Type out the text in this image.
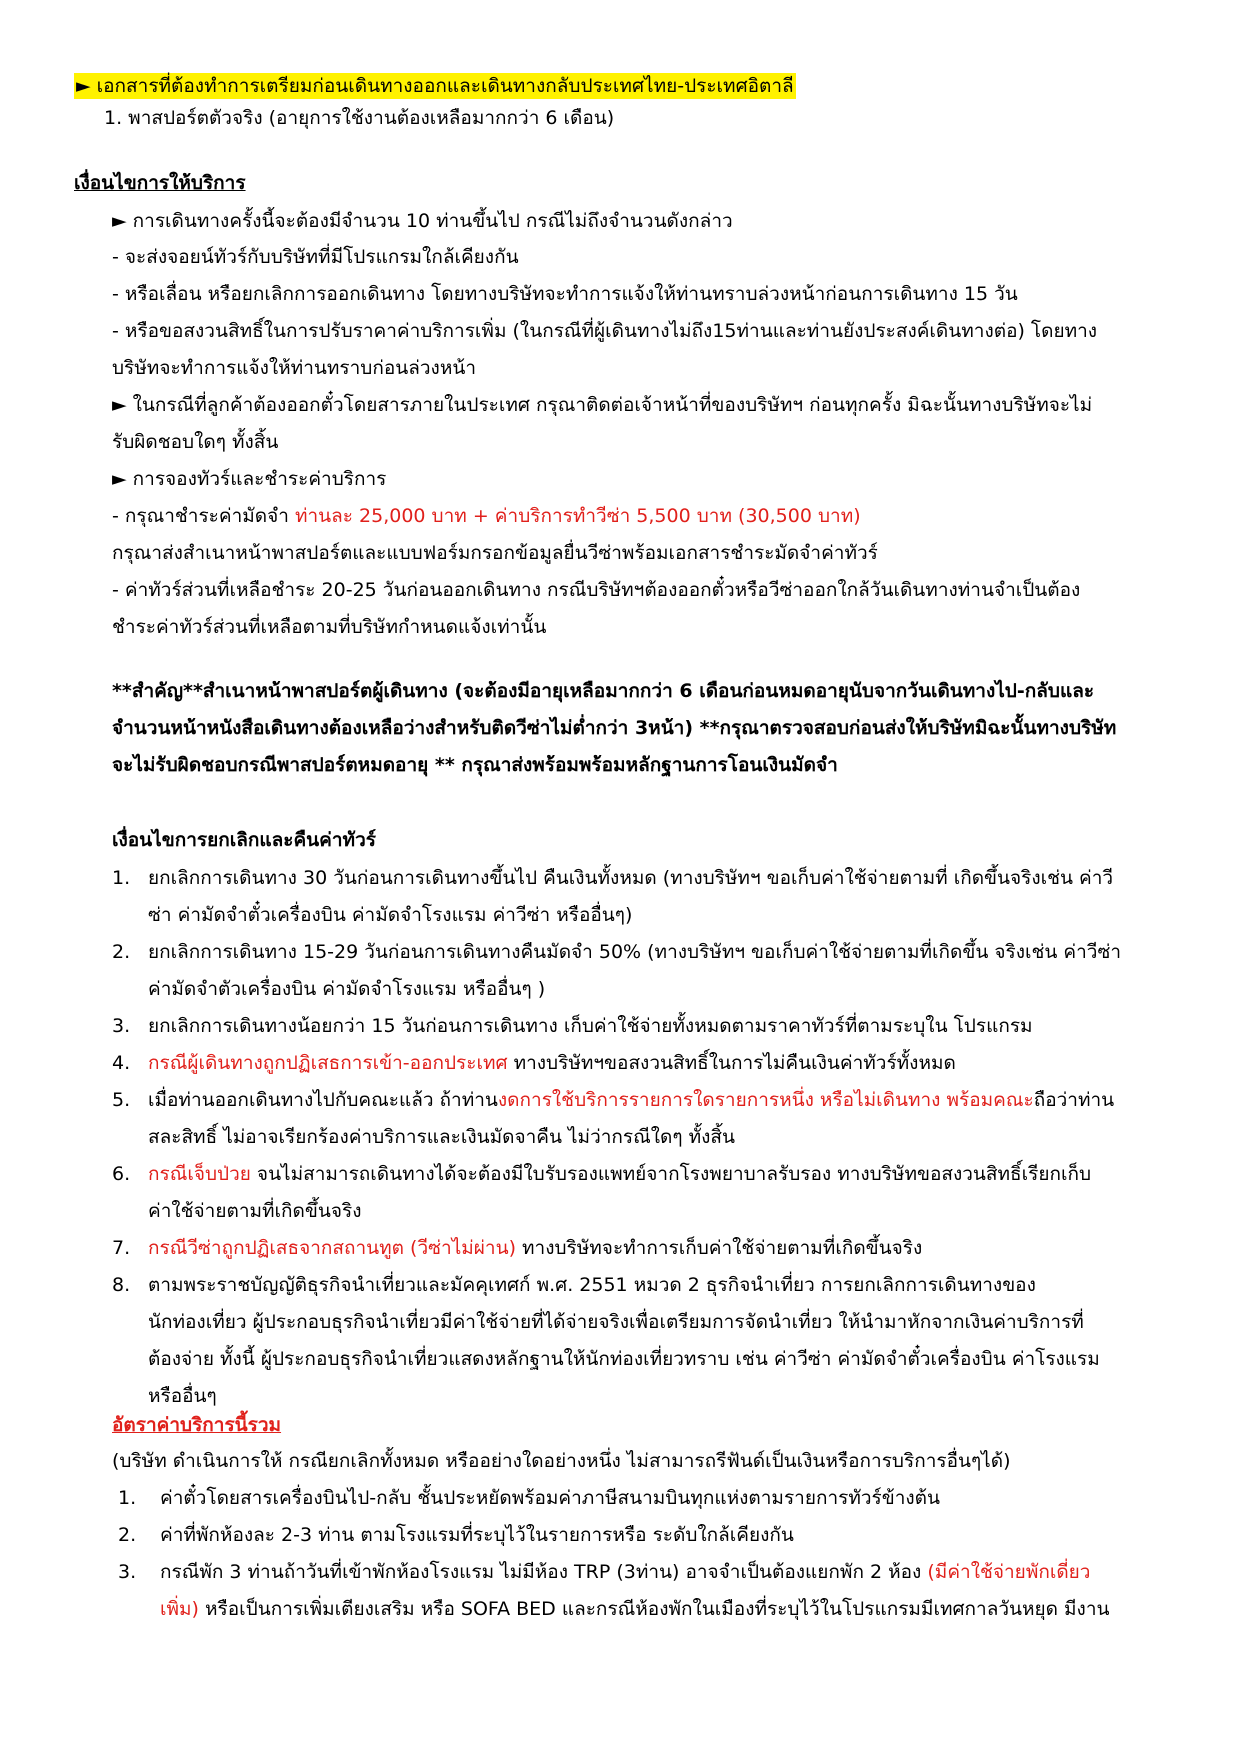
► เอกสารที่ต้องทำการเตรียมก่อนเดินทางออกและเดินทางกลับประเทศไทย-ประเทศอิตาลี
1. พาสปอร์ตตัวจริง (อายุการใช้งานต้องเหลือมากกว่า 6 เดือน)
เงื่อนไขการให้บริการ
► การเดินทางครั้งนี้จะต้องมีจำนวน 10 ท่านขึ้นไป กรณีไม่ถึงจำนวนดังกล่าว
- จะส่งจอยน์ทัวร์กับบริษัทที่มีโปรแกรมใกล้เคียงกัน
- หรือเลื่อน หรือยกเลิกการออกเดินทาง โดยทางบริษัทจะทำการแจ้งให้ท่านทราบล่วงหน้าก่อนการเดินทาง 15 วัน
- หรือขอสงวนสิทธิ์ในการปรับราคาค่าบริการเพิ่ม (ในกรณีที่ผู้เดินทางไม่ถึง15ท่านและท่านยังประสงค์เดินทางต่อ) โดยทาง
บริษัทจะทำการแจ้งให้ท่านทราบก่อนล่วงหน้า
► ในกรณีที่ลูกค้าต้องออกตั๋วโดยสารภายในประเทศ กรุณาติดต่อเจ้าหน้าที่ของบริษัทฯ ก่อนทุกครั้ง มิฉะนั้นทางบริษัทจะไม่
รับผิดชอบใดๆ ทั้งสิ้น
► การจองทัวร์และชำระค่าบริการ
- กรุณาชำระค่ามัดจำ ท่านละ 25,000 บาท + ค่าบริการทำวีซ่า 5,500 บาท (30,500 บาท)
กรุณาส่งสำเนาหน้าพาสปอร์ตและแบบฟอร์มกรอกข้อมูลยื่นวีซ่าพร้อมเอกสารชำระมัดจำค่าทัวร์
- ค่าทัวร์ส่วนที่เหลือชำระ 20-25 วันก่อนออกเดินทาง กรณีบริษัทฯต้องออกตั๋วหรือวีซ่าออกใกล้วันเดินทางท่านจำเป็นต้อง
ชำระค่าทัวร์ส่วนที่เหลือตามที่บริษัทกำหนดแจ้งเท่านั้น
**สำคัญ**สำเนาหน้าพาสปอร์ตผู้เดินทาง (จะต้องมีอายุเหลือมากกว่า 6 เดือนก่อนหมดอายุนับจากวันเดินทางไป-กลับและ
จำนวนหน้าหนังสือเดินทางต้องเหลือว่างสำหรับติดวีซ่าไม่ต่ำกว่า 3หน้า) **กรุณาตรวจสอบก่อนส่งให้บริษัทมิฉะนั้นทางบริษัท
จะไม่รับผิดชอบกรณีพาสปอร์ตหมดอายุ ** กรุณาส่งพร้อมพร้อมหลักฐานการโอนเงินมัดจำ
เงื่อนไขการยกเลิกและคืนค่าทัวร์
1. ยกเลิกการเดินทาง 30 วันก่อนการเดินทางขึ้นไป คืนเงินทั้งหมด (ทางบริษัทฯ ขอเก็บค่าใช้จ่ายตามที่ เกิดขึ้นจริงเช่น ค่าวี
ซ่า ค่ามัดจำตั๋วเครื่องบิน ค่ามัดจำโรงแรม ค่าวีซ่า หรืออื่นๆ)
2. ยกเลิกการเดินทาง 15-29 วันก่อนการเดินทางคืนมัดจำ 50% (ทางบริษัทฯ ขอเก็บค่าใช้จ่ายตามที่เกิดขึ้น จริงเช่น ค่าวีซ่า
ค่ามัดจำตัวเครื่องบิน ค่ามัดจำโรงแรม หรืออื่นๆ )
3. ยกเลิกการเดินทางน้อยกว่า 15 วันก่อนการเดินทาง เก็บค่าใช้จ่ายทั้งหมดตามราคาทัวร์ที่ตามระบุใน โปรแกรม
4. กรณีผู้เดินทางถูกปฏิเสธการเข้า-ออกประเทศ ทางบริษัทฯขอสงวนสิทธิ์ในการไม่คืนเงินค่าทัวร์ทั้งหมด
5. เมื่อท่านออกเดินทางไปกับคณะแล้ว ถ้าท่านงดการใช้บริการรายการใดรายการหนึ่ง หรือไม่เดินทาง พร้อมคณะถือว่าท่าน
สละสิทธิ์ ไม่อาจเรียกร้องค่าบริการและเงินมัดจาคืน ไม่ว่ากรณีใดๆ ทั้งสิ้น
6. กรณีเจ็บป่วย จนไม่สามารถเดินทางได้จะต้องมีใบรับรองแพทย์จากโรงพยาบาลรับรอง ทางบริษัทขอสงวนสิทธิ์เรียกเก็บ
ค่าใช้จ่ายตามที่เกิดขึ้นจริง
7. กรณีวีซ่าถูกปฏิเสธจากสถานทูต (วีซ่าไม่ผ่าน) ทางบริษัทจะทำการเก็บค่าใช้จ่ายตามที่เกิดขึ้นจริง
8. ตามพระราชบัญญัติธุรกิจนำเที่ยวและมัคคุเทศก์ พ.ศ. 2551 หมวด 2 ธุรกิจนำเที่ยว การยกเลิกการเดินทางของ
นักท่องเที่ยว ผู้ประกอบธุรกิจนำเที่ยวมีค่าใช้จ่ายที่ได้จ่ายจริงเพื่อเตรียมการจัดนำเที่ยว ให้นำมาหักจากเงินค่าบริการที่
ต้องจ่าย ทั้งนี้ ผู้ประกอบธุรกิจนำเที่ยวแสดงหลักฐานให้นักท่องเที่ยวทราบ เช่น ค่าวีซ่า ค่ามัดจำตั๋วเครื่องบิน ค่าโรงแรม
หรืออื่นๆ
อัตราค่าบริการนี้รวม
(บริษัท ดำเนินการให้ กรณียกเลิกทั้งหมด หรืออย่างใดอย่างหนึ่ง ไม่สามารถรีฟันด์เป็นเงินหรือการบริการอื่นๆได้)
1. ค่าตั๋วโดยสารเครื่องบินไป-กลับ ชั้นประหยัดพร้อมค่าภาษีสนามบินทุกแห่งตามรายการทัวร์ข้างต้น
2. ค่าที่พักห้องละ 2-3 ท่าน ตามโรงแรมที่ระบุไว้ในรายการหรือ ระดับใกล้เคียงกัน
3. กรณีพัก 3 ท่านถ้าวันที่เข้าพักห้องโรงแรม ไม่มีห้อง TRP (3ท่าน) อาจจำเป็นต้องแยกพัก 2 ห้อง (มีค่าใช้จ่ายพักเดี่ยว
เพิ่ม) หรือเป็นการเพิ่มเตียงเสริม หรือ SOFA BED และกรณีห้องพักในเมืองที่ระบุไว้ในโปรแกรมมีเทศกาลวันหยุด มีงาน
